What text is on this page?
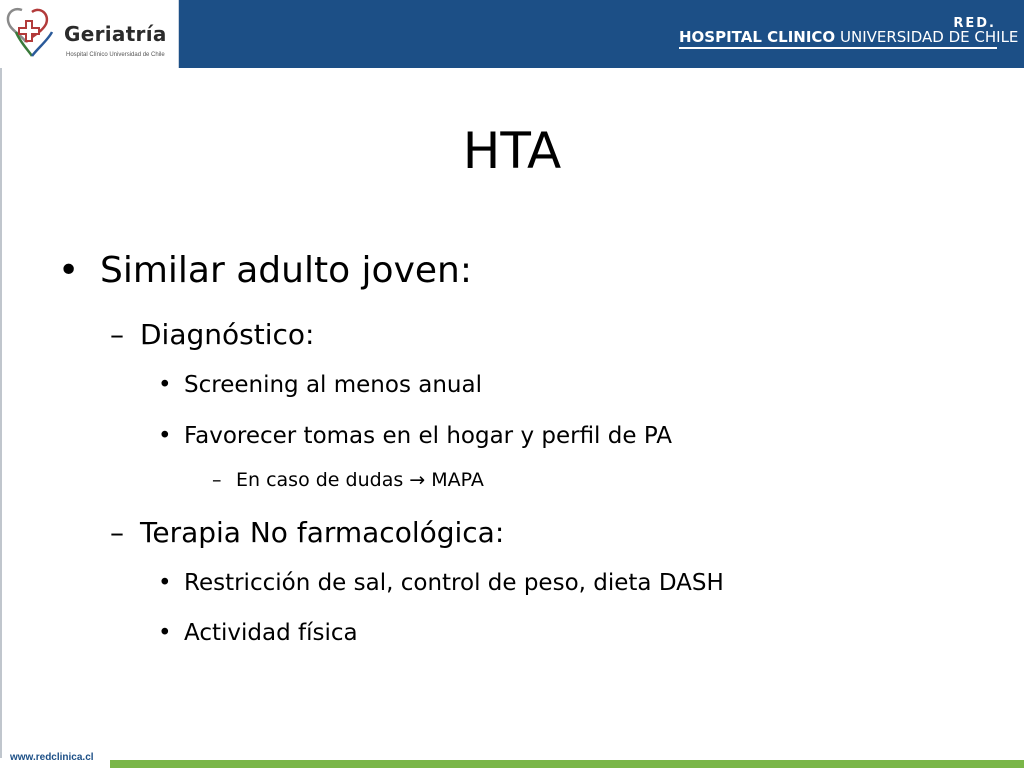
Geriatría
Hospital Clínico Universidad de Chile
RED.
HOSPITAL CLINICO UNIVERSIDAD DE CHILE
HTA
• Similar adulto joven:
– Diagnóstico:
• Screening al menos anual
• Favorecer tomas en el hogar y perfil de PA
– En caso de dudas → MAPA
– Terapia No farmacológica:
• Restricción de sal, control de peso, dieta DASH
• Actividad física
www.redclinica.cl
